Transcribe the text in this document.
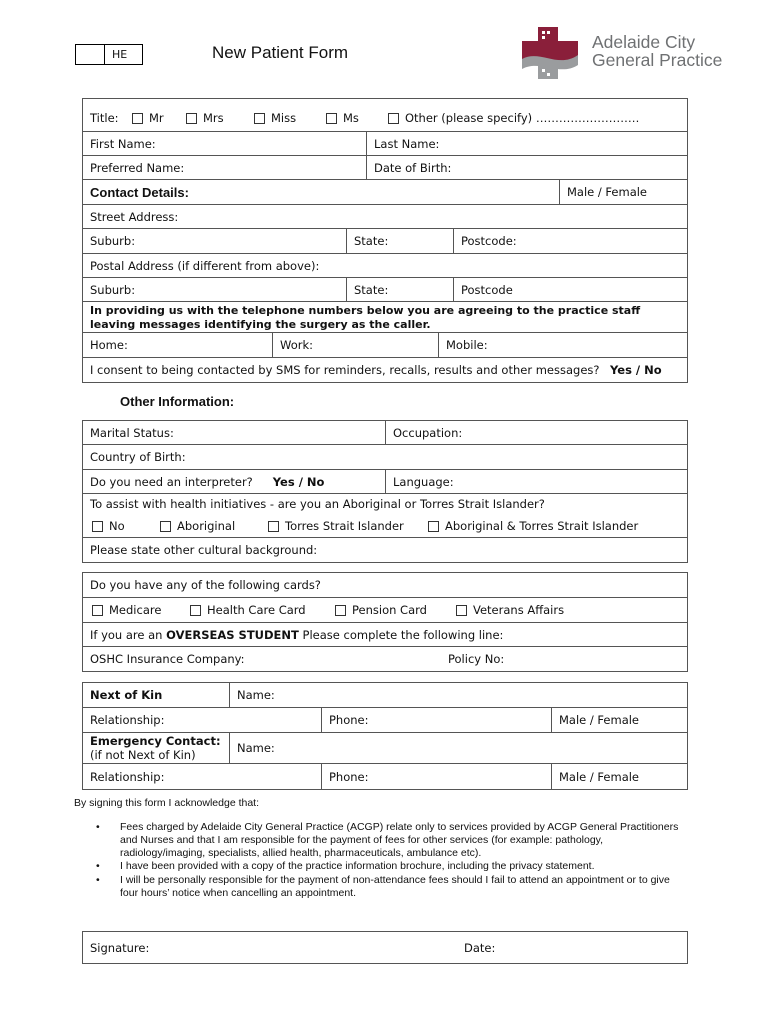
HE	New Patient Form
Adelaide City
General Practice
Title:	Mr	Mrs	Miss	Ms	Other (please specify) ………………………
First Name:	Last Name:
Preferred Name:	Date of Birth:
Contact Details:	Male / Female
Street Address:
Suburb:	State:	Postcode:
Postal Address (if different from above):
Suburb:	State:	Postcode
In providing us with the telephone numbers below you are agreeing to the practice staff leaving messages identifying the surgery as the caller.
Home:	Work:	Mobile:
I consent to being contacted by SMS for reminders, recalls, results and other messages? Yes / No
Other Information:
Marital Status:	Occupation:
Country of Birth:
Do you need an interpreter? Yes / No	Language:
To assist with health initiatives - are you an Aboriginal or Torres Strait Islander?
No	Aboriginal	Torres Strait Islander	Aboriginal & Torres Strait Islander
Please state other cultural background:
Do you have any of the following cards?
Medicare	Health Care Card	Pension Card	Veterans Affairs
If you are an OVERSEAS STUDENT Please complete the following line:
OSHC Insurance Company:	Policy No:
Next of Kin	Name:
Relationship:	Phone:	Male / Female
Emergency Contact:
(if not Next of Kin)	Name:
Relationship:	Phone:	Male / Female
By signing this form I acknowledge that:
• Fees charged by Adelaide City General Practice (ACGP) relate only to services provided by ACGP General Practitioners and Nurses and that I am responsible for the payment of fees for other services (for example: pathology, radiology/imaging, specialists, allied health, pharmaceuticals, ambulance etc).
• I have been provided with a copy of the practice information brochure, including the privacy statement.
• I will be personally responsible for the payment of non-attendance fees should I fail to attend an appointment or to give four hours’ notice when cancelling an appointment.
Signature:	Date:
